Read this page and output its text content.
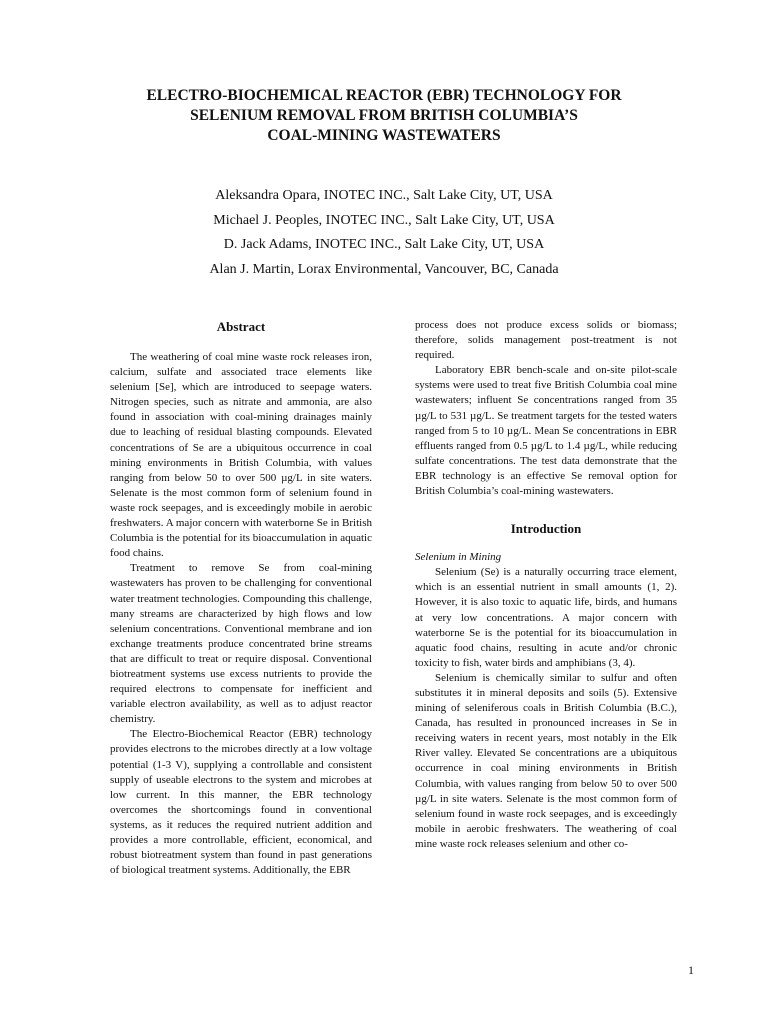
ELECTRO-BIOCHEMICAL REACTOR (EBR) TECHNOLOGY FOR
SELENIUM REMOVAL FROM BRITISH COLUMBIA’S
COAL-MINING WASTEWATERS
Aleksandra Opara, INOTEC INC., Salt Lake City, UT, USA
Michael J. Peoples, INOTEC INC., Salt Lake City, UT, USA
D. Jack Adams, INOTEC INC., Salt Lake City, UT, USA
Alan J. Martin, Lorax Environmental, Vancouver, BC, Canada
Abstract

The weathering of coal mine waste rock releases iron, calcium, sulfate and associated trace elements like selenium [Se], which are introduced to seepage waters. Nitrogen species, such as nitrate and ammonia, are also found in association with coal-mining drainages mainly due to leaching of residual blasting compounds. Elevated concentrations of Se are a ubiquitous occurrence in coal mining environments in British Columbia, with values ranging from below 50 to over 500 µg/L in site waters. Selenate is the most common form of selenium found in waste rock seepages, and is exceedingly mobile in aerobic freshwaters. A major concern with waterborne Se in British Columbia is the potential for its bioaccumulation in aquatic food chains.

Treatment to remove Se from coal-mining wastewaters has proven to be challenging for conventional water treatment technologies. Compounding this challenge, many streams are characterized by high flows and low selenium concentrations. Conventional membrane and ion exchange treatments produce concentrated brine streams that are difficult to treat or require disposal. Conventional biotreatment systems use excess nutrients to provide the required electrons to compensate for inefficient and variable electron availability, as well as to adjust reactor chemistry.

The Electro-Biochemical Reactor (EBR) technology provides electrons to the microbes directly at a low voltage potential (1-3 V), supplying a controllable and consistent supply of useable electrons to the system and microbes at low current. In this manner, the EBR technology overcomes the shortcomings found in conventional systems, as it reduces the required nutrient addition and provides a more controllable, efficient, economical, and robust biotreatment system than found in past generations of biological treatment systems. Additionally, the EBR

process does not produce excess solids or biomass; therefore, solids management post-treatment is not required.

Laboratory EBR bench-scale and on-site pilot-scale systems were used to treat five British Columbia coal mine wastewaters; influent Se concentrations ranged from 35 µg/L to 531 µg/L. Se treatment targets for the tested waters ranged from 5 to 10 µg/L. Mean Se concentrations in EBR effluents ranged from 0.5 µg/L to 1.4 µg/L, while reducing sulfate concentrations. The test data demonstrate that the EBR technology is an effective Se removal option for British Columbia’s coal-mining wastewaters.

Introduction

Selenium in Mining

Selenium (Se) is a naturally occurring trace element, which is an essential nutrient in small amounts (1, 2). However, it is also toxic to aquatic life, birds, and humans at very low concentrations. A major concern with waterborne Se is the potential for its bioaccumulation in aquatic food chains, resulting in acute and/or chronic toxicity to fish, water birds and amphibians (3, 4).

Selenium is chemically similar to sulfur and often substitutes it in mineral deposits and soils (5). Extensive mining of seleniferous coals in British Columbia (B.C.), Canada, has resulted in pronounced increases in Se in receiving waters in recent years, most notably in the Elk River valley. Elevated Se concentrations are a ubiquitous occurrence in coal mining environments in British Columbia, with values ranging from below 50 to over 500 µg/L in site waters. Selenate is the most common form of selenium found in waste rock seepages, and is exceedingly mobile in aerobic freshwaters. The weathering of coal mine waste rock releases selenium and other co-

1
